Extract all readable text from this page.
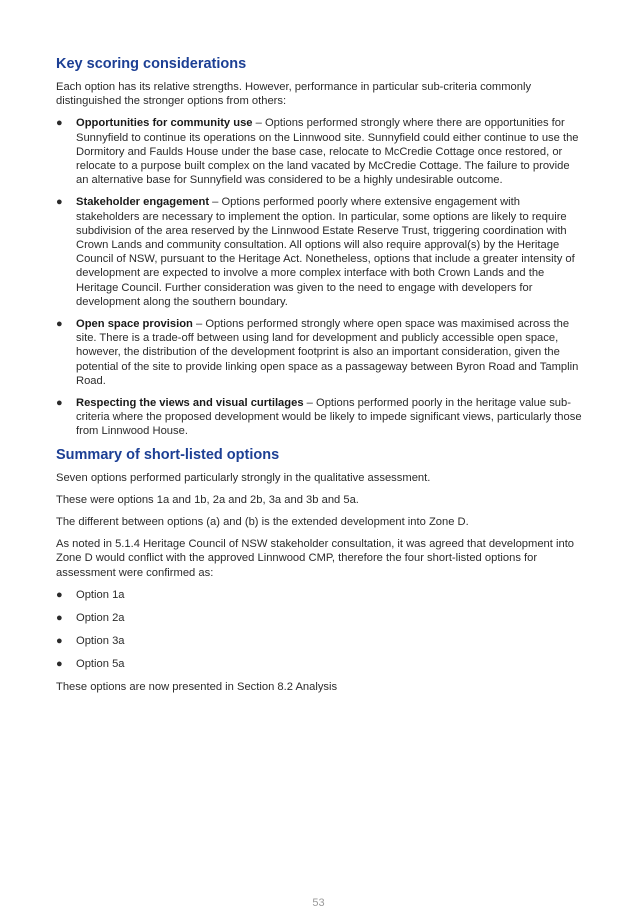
Key scoring considerations

Each option has its relative strengths. However, performance in particular sub-criteria commonly distinguished the stronger options from others:

● Opportunities for community use – Options performed strongly where there are opportunities for Sunnyfield to continue its operations on the Linnwood site. Sunnyfield could either continue to use the Dormitory and Faulds House under the base case, relocate to McCredie Cottage once restored, or relocate to a purpose built complex on the land vacated by McCredie Cottage. The failure to provide an alternative base for Sunnyfield was considered to be a highly undesirable outcome.
● Stakeholder engagement – Options performed poorly where extensive engagement with stakeholders are necessary to implement the option. In particular, some options are likely to require subdivision of the area reserved by the Linnwood Estate Reserve Trust, triggering coordination with Crown Lands and community consultation. All options will also require approval(s) by the Heritage Council of NSW, pursuant to the Heritage Act. Nonetheless, options that include a greater intensity of development are expected to involve a more complex interface with both Crown Lands and the Heritage Council. Further consideration was given to the need to engage with developers for development along the southern boundary.
● Open space provision – Options performed strongly where open space was maximised across the site. There is a trade-off between using land for development and publicly accessible open space, however, the distribution of the development footprint is also an important consideration, given the potential of the site to provide linking open space as a passageway between Byron Road and Tamplin Road.
● Respecting the views and visual curtilages – Options performed poorly in the heritage value sub-criteria where the proposed development would be likely to impede significant views, particularly those from Linnwood House.
Summary of short-listed options

Seven options performed particularly strongly in the qualitative assessment.

These were options 1a and 1b, 2a and 2b, 3a and 3b and 5a.

The different between options (a) and (b) is the extended development into Zone D.

As noted in 5.1.4 Heritage Council of NSW stakeholder consultation, it was agreed that development into Zone D would conflict with the approved Linnwood CMP, therefore the four short-listed options for assessment were confirmed as:

● Option 1a
● Option 2a
● Option 3a
● Option 5a

These options are now presented in Section 8.2 Analysis

53
